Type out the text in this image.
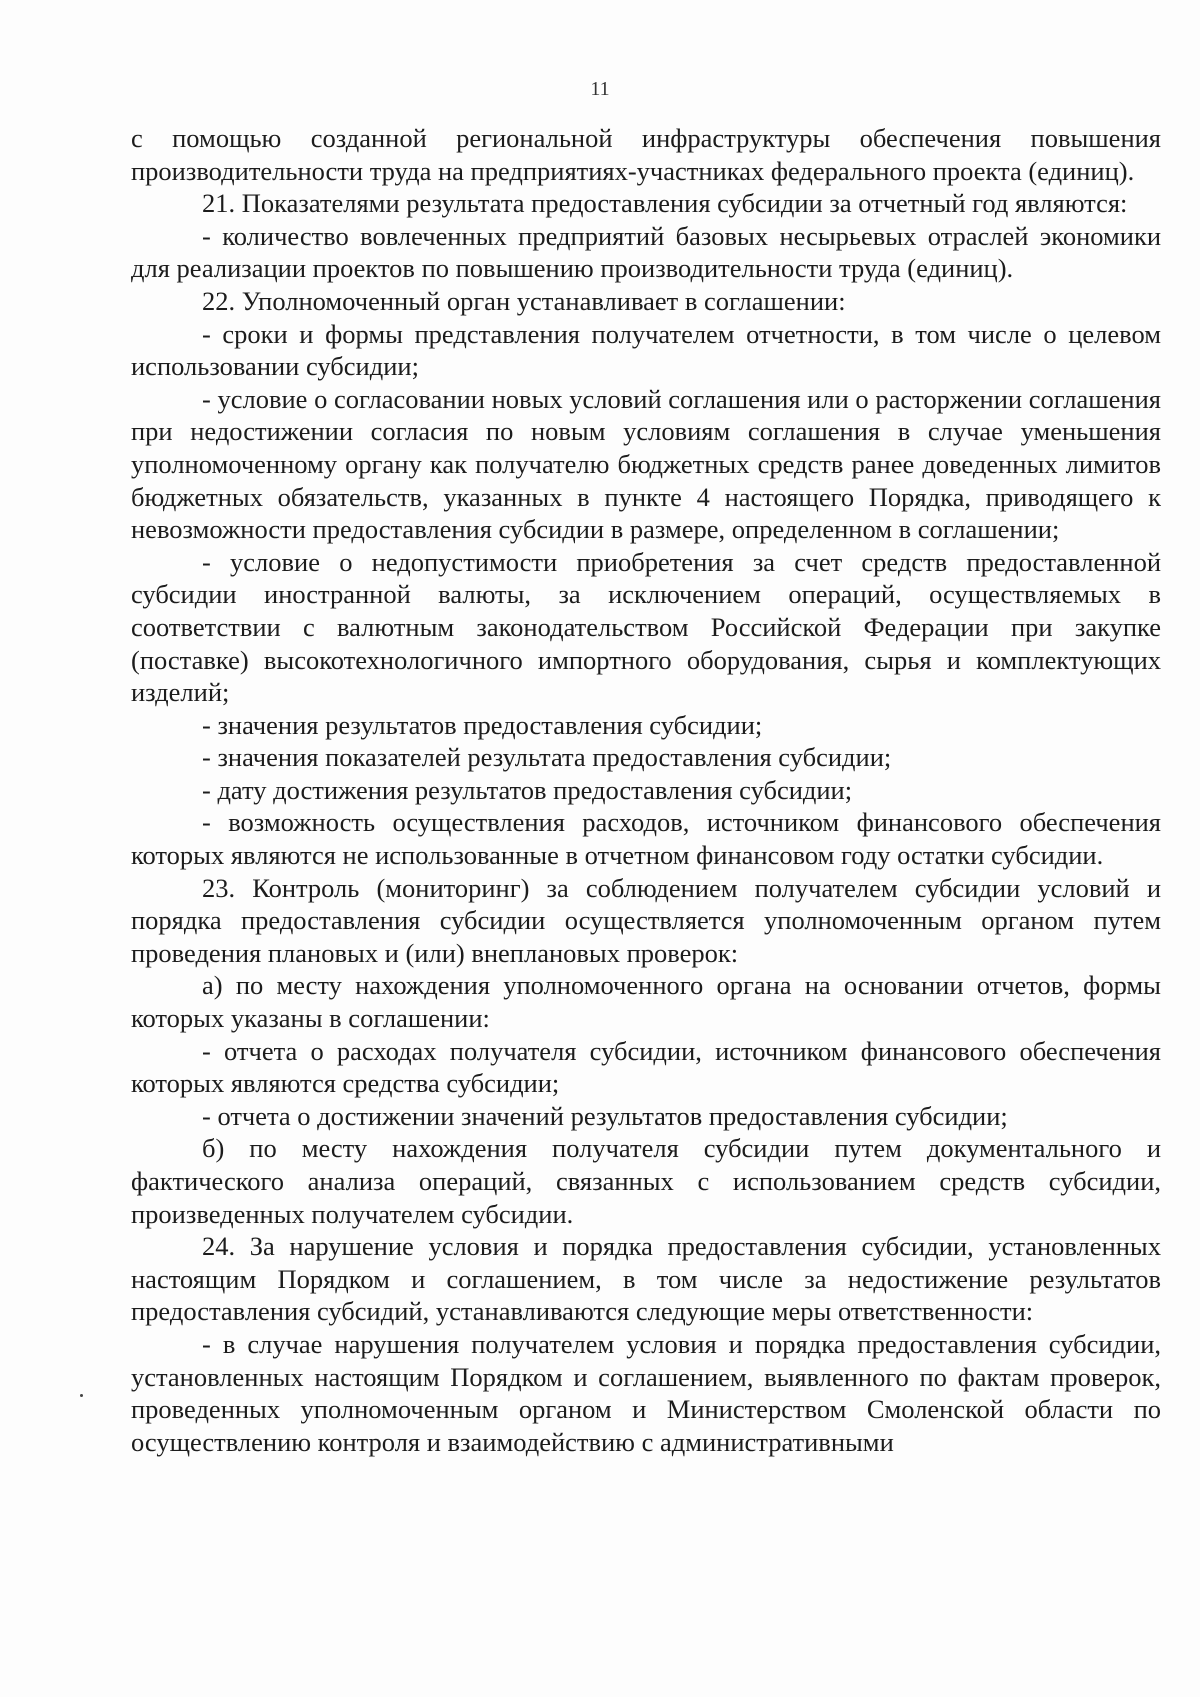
11

с помощью созданной региональной инфраструктуры обеспечения повышения производительности труда на предприятиях-участниках федерального проекта (единиц).

21. Показателями результата предоставления субсидии за отчетный год являются:

- количество вовлеченных предприятий базовых несырьевых отраслей экономики для реализации проектов по повышению производительности труда (единиц).

22. Уполномоченный орган устанавливает в соглашении:

- сроки и формы представления получателем отчетности, в том числе о целевом использовании субсидии;

- условие о согласовании новых условий соглашения или о расторжении соглашения при недостижении согласия по новым условиям соглашения в случае уменьшения уполномоченному органу как получателю бюджетных средств ранее доведенных лимитов бюджетных обязательств, указанных в пункте 4 настоящего Порядка, приводящего к невозможности предоставления субсидии в размере, определенном в соглашении;

- условие о недопустимости приобретения за счет средств предоставленной субсидии иностранной валюты, за исключением операций, осуществляемых в соответствии с валютным законодательством Российской Федерации при закупке (поставке) высокотехнологичного импортного оборудования, сырья и комплектующих изделий;

- значения результатов предоставления субсидии;

- значения показателей результата предоставления субсидии;

- дату достижения результатов предоставления субсидии;

- возможность осуществления расходов, источником финансового обеспечения которых являются не использованные в отчетном финансовом году остатки субсидии.

23. Контроль (мониторинг) за соблюдением получателем субсидии условий и порядка предоставления субсидии осуществляется уполномоченным органом путем проведения плановых и (или) внеплановых проверок:

а) по месту нахождения уполномоченного органа на основании отчетов, формы которых указаны в соглашении:

- отчета о расходах получателя субсидии, источником финансового обеспечения которых являются средства субсидии;

- отчета о достижении значений результатов предоставления субсидии;

б) по месту нахождения получателя субсидии путем документального и фактического анализа операций, связанных с использованием средств субсидии, произведенных получателем субсидии.

24. За нарушение условия и порядка предоставления субсидии, установленных настоящим Порядком и соглашением, в том числе за недостижение результатов предоставления субсидий, устанавливаются следующие меры ответственности:

- в случае нарушения получателем условия и порядка предоставления субсидии, установленных настоящим Порядком и соглашением, выявленного по фактам проверок, проведенных уполномоченным органом и Министерством Смоленской области по осуществлению контроля и взаимодействию с административными
